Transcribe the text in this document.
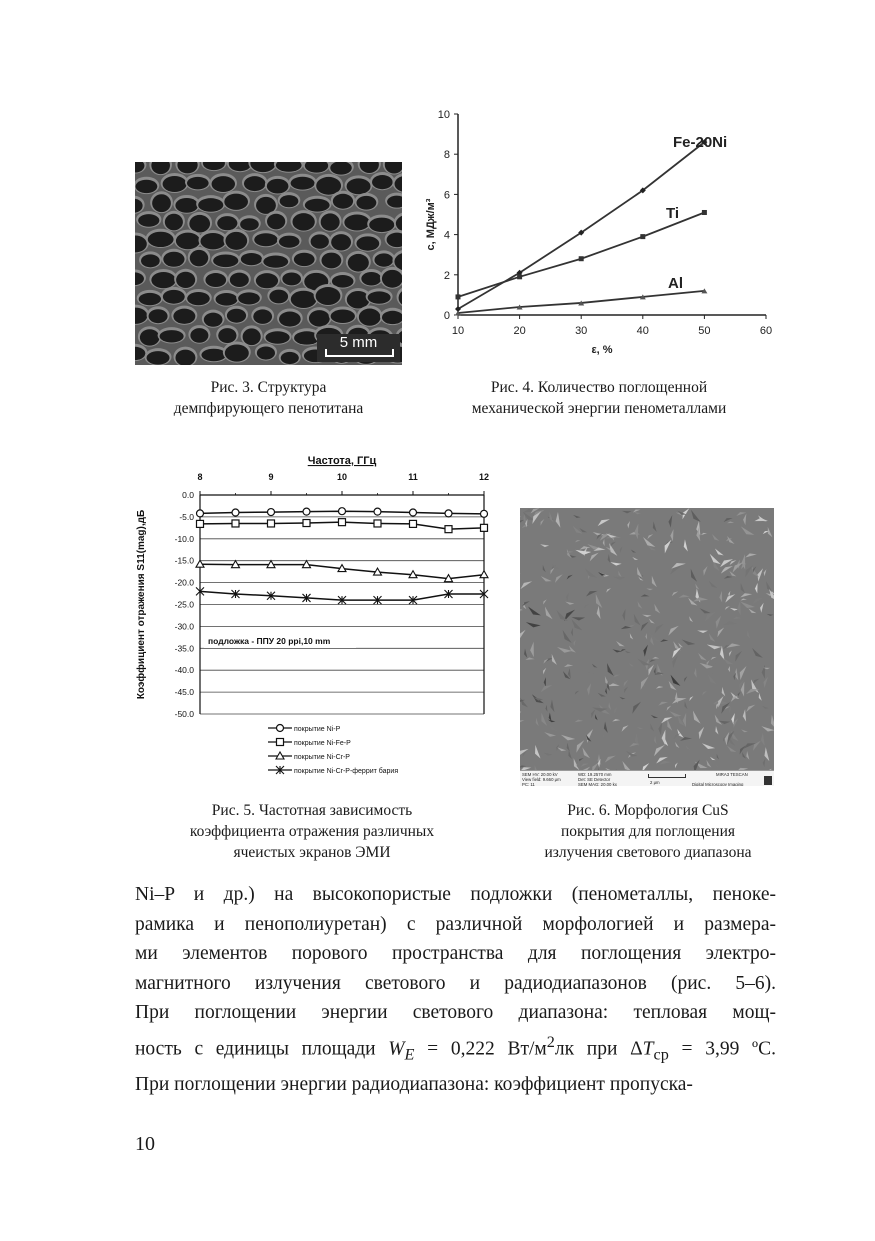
5 mm
Рис. 3. Структура
демпфирующего пенотитана
0
2
4
6
8
10
10	20	30	40	50	60
ε, %
c, МДж/м³
Fe-20Ni
Ti
Al
Рис. 4. Количество поглощенной
механической энергии пенометаллами
Частота, ГГц
8	9	10	11	12
0.0
-5.0
-10.0
-15.0
-20.0
-25.0
-30.0
-35.0
-40.0
-45.0
-50.0
Коэффициент отражения S11(mag),дБ	подложка - ППУ 20 ppi,10 mm
покрытие Ni-P
покрытие Ni-Fe-P
покрытие Ni-Cr-P
покрытие Ni-Cr-P-феррит бария
Рис. 5. Частотная зависимость
коэффициента отражения различных
ячеистых экранов ЭМИ
SEM HV: 20.00 kV
View field: 9.660 μm
PC: 11
WD: 19.2570 mm
Det: SE Detector
SEM MAG: 20.00 kx	2 μm
MIRA3 TESCAN
Digital Microscopy Imaging
Рис. 6. Морфология CuS
покрытия для поглощения
излучения светового диапазона
Ni–P и др.) на высокопористые подложки (пенометаллы, пенoке-
рамика и пенополиуретан) с различной морфологией и размера-
ми элементов порового пространства для поглощения электро-
магнитного излучения светового и радиодиапазонов (рис. 5–6).
При поглощении энергии светового диапазона: тепловая мощ-
ность с единицы площади $W_E = 0,222$ $Вт/м^2лк$ при $\Delta T_{ср} = 3,99$ ºС.
При поглощении энергии радиодиапазона: коэффициент пропуска-
10
